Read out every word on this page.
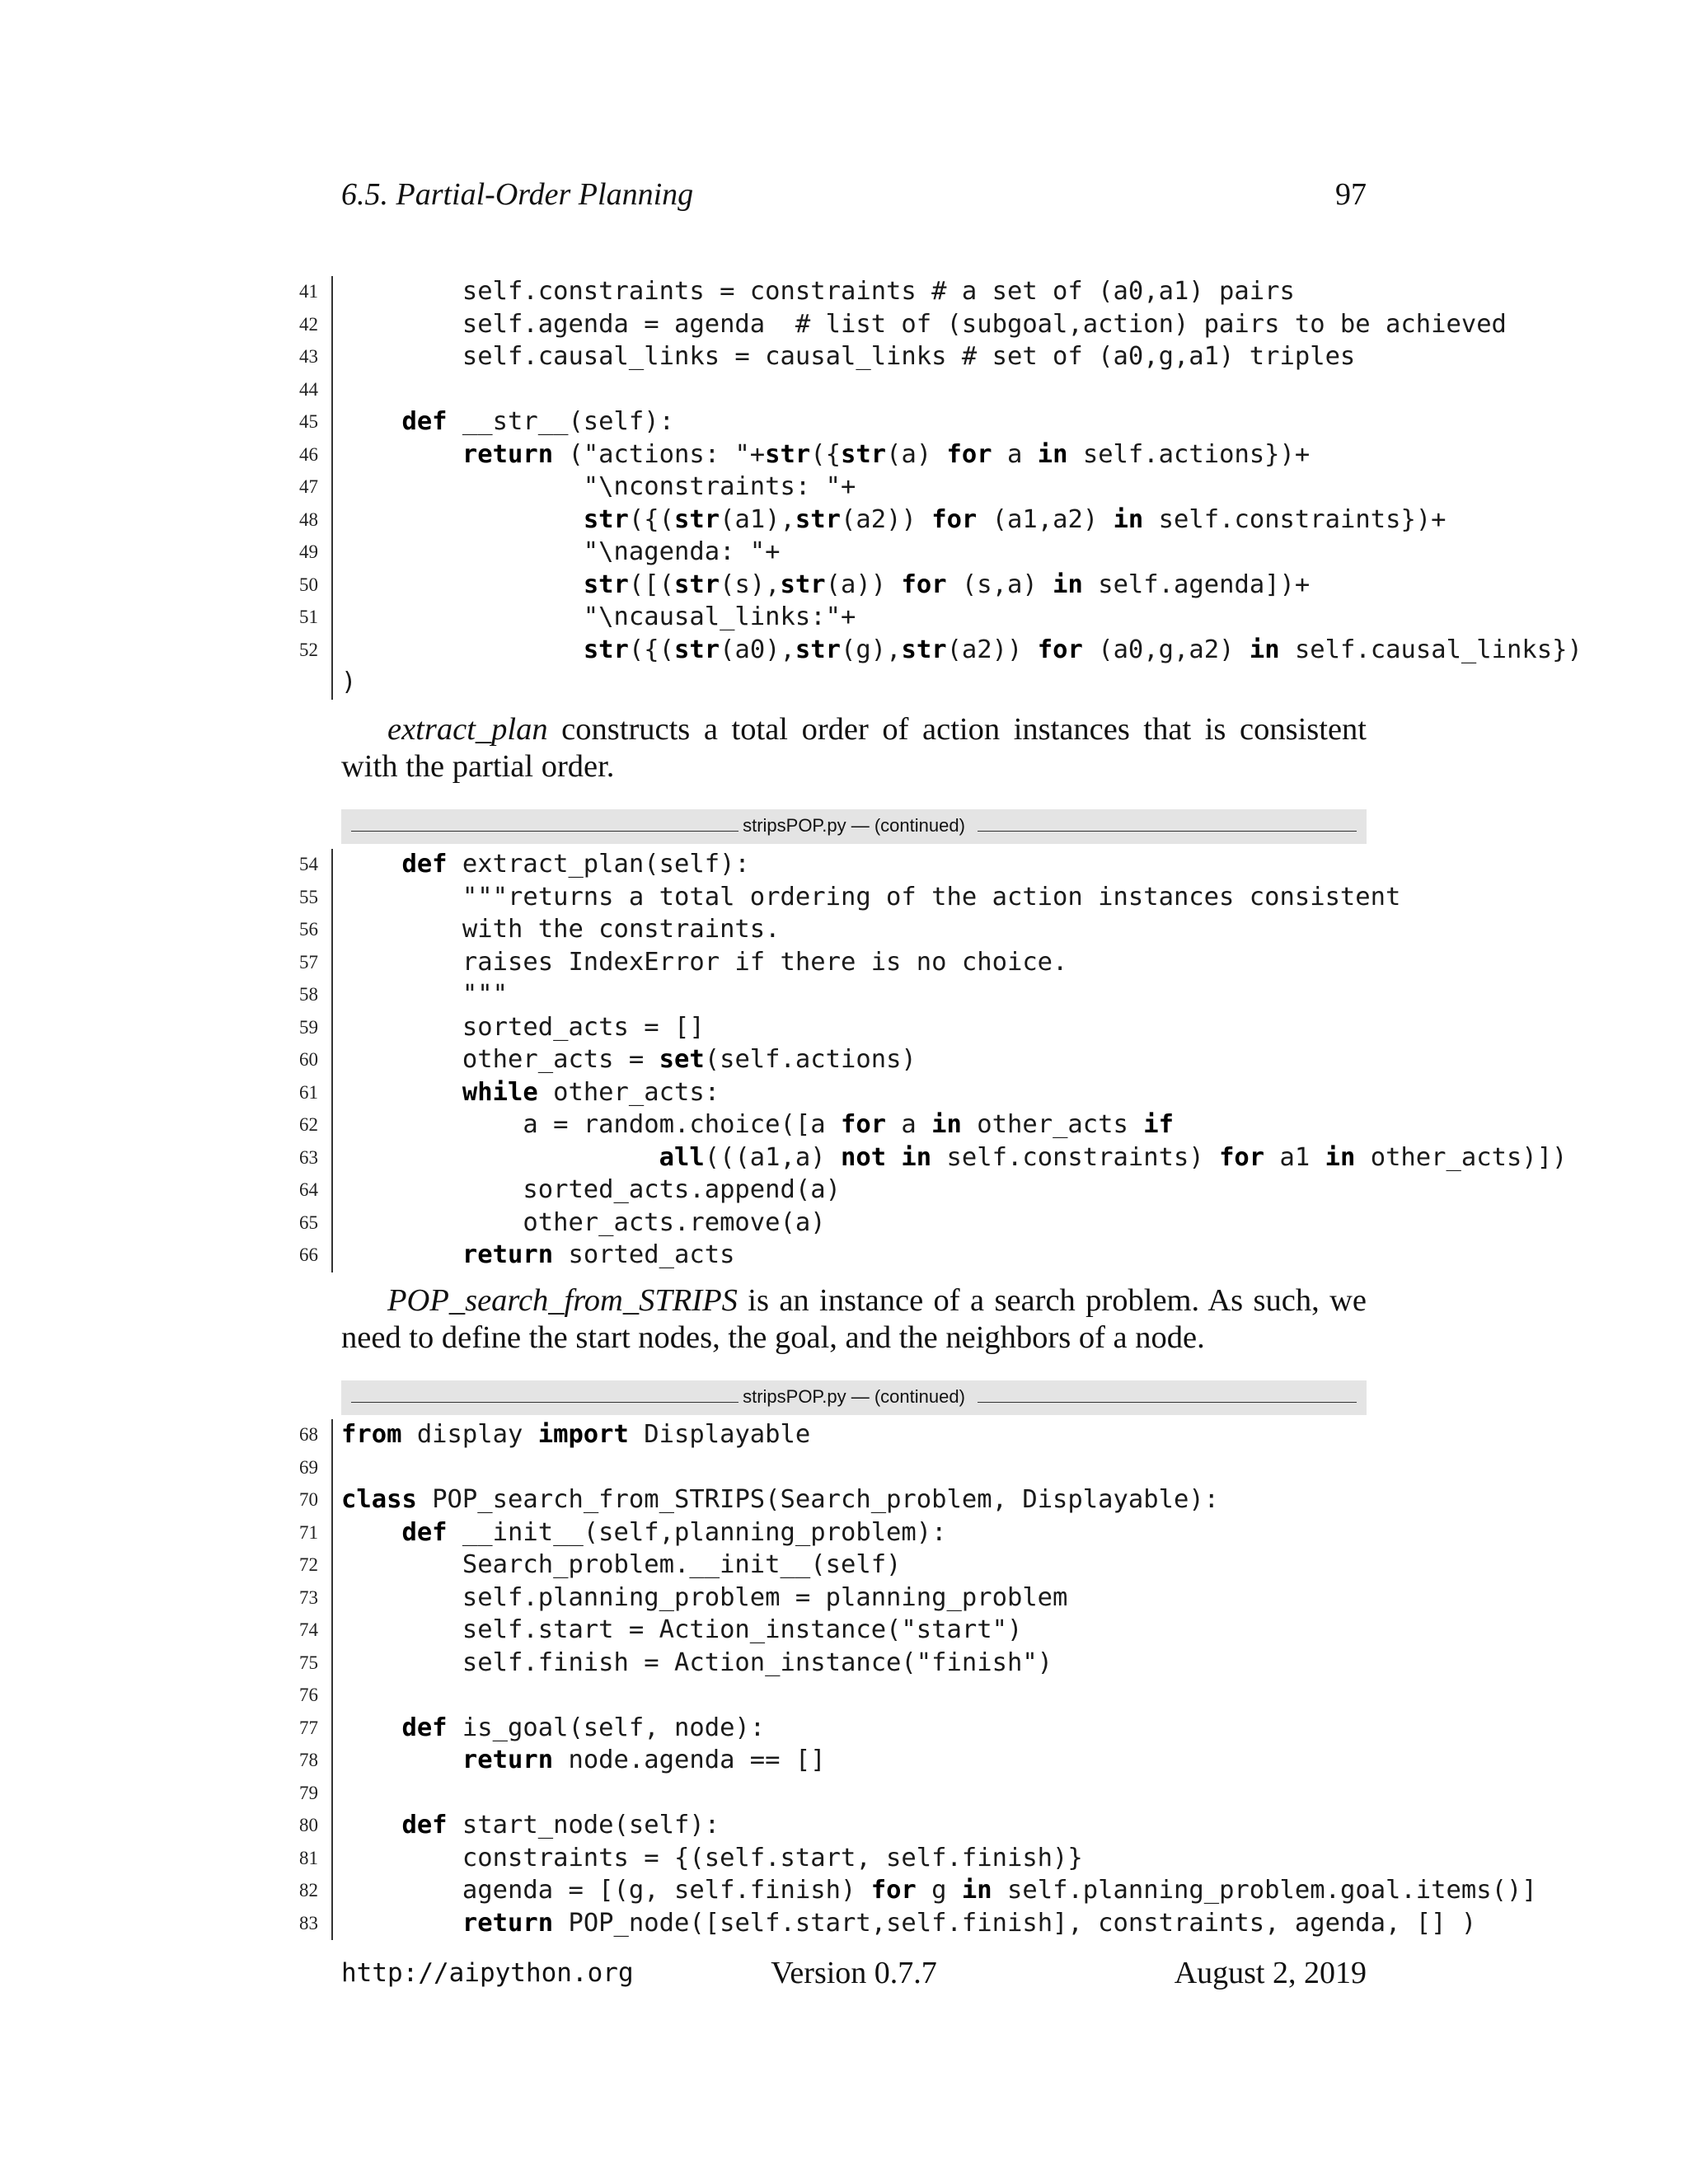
6.5. Partial-Order Planning	97
41 self.constraints = constraints # a set of (a0,a1) pairs
42 self.agenda = agenda  # list of (subgoal,action) pairs to be achieved
43 self.causal_links = causal_links # set of (a0,g,a1) triples
44
45	def __str__(self):
46	return ("actions: "+str({str(a) for a in self.actions})+
47 "\nconstraints: "+
48	str({(str(a1),str(a2)) for (a1,a2) in self.constraints})+
49 "\nagenda: "+
50	str([(str(s),str(a)) for (s,a) in self.agenda])+
51 "\ncausal_links:"+
52	str({(str(a0),str(g),str(a2)) for (a0,g,a2) in self.causal_links})
)
extract_plan constructs a total order of action instances that is consistent with the partial order.
stripsPOP.py — (continued)
54	def extract_plan(self):
55 """returns a total ordering of the action instances consistent
56 with the constraints.
57 raises IndexError if there is no choice.
58 """
59 sorted_acts = []
60 other_acts = set(self.actions)
61	while other_acts:
62 a = random.choice([a for a in other_acts if
63	all(((a1,a) not in self.constraints) for a1 in other_acts)])
64 sorted_acts.append(a)
65 other_acts.remove(a)
66	return sorted_acts
POP_search_from_STRIPS is an instance of a search problem. As such, we need to define the start nodes, the goal, and the neighbors of a node.
stripsPOP.py — (continued)
68 from display import Displayable
69
70 class POP_search_from_STRIPS(Search_problem, Displayable):
71	def __init__(self,planning_problem):
72 Search_problem.__init__(self)
73 self.planning_problem = planning_problem
74 self.start = Action_instance("start")
75 self.finish = Action_instance("finish")
76
77	def is_goal(self, node):
78	return node.agenda == []
79
80	def start_node(self):
81 constraints = {(self.start, self.finish)}
82 agenda = [(g, self.finish) for g in self.planning_problem.goal.items()]
83	return POP_node([self.start,self.finish], constraints, agenda, [] )
http://aipython.org	Version 0.7.7	August 2, 2019
